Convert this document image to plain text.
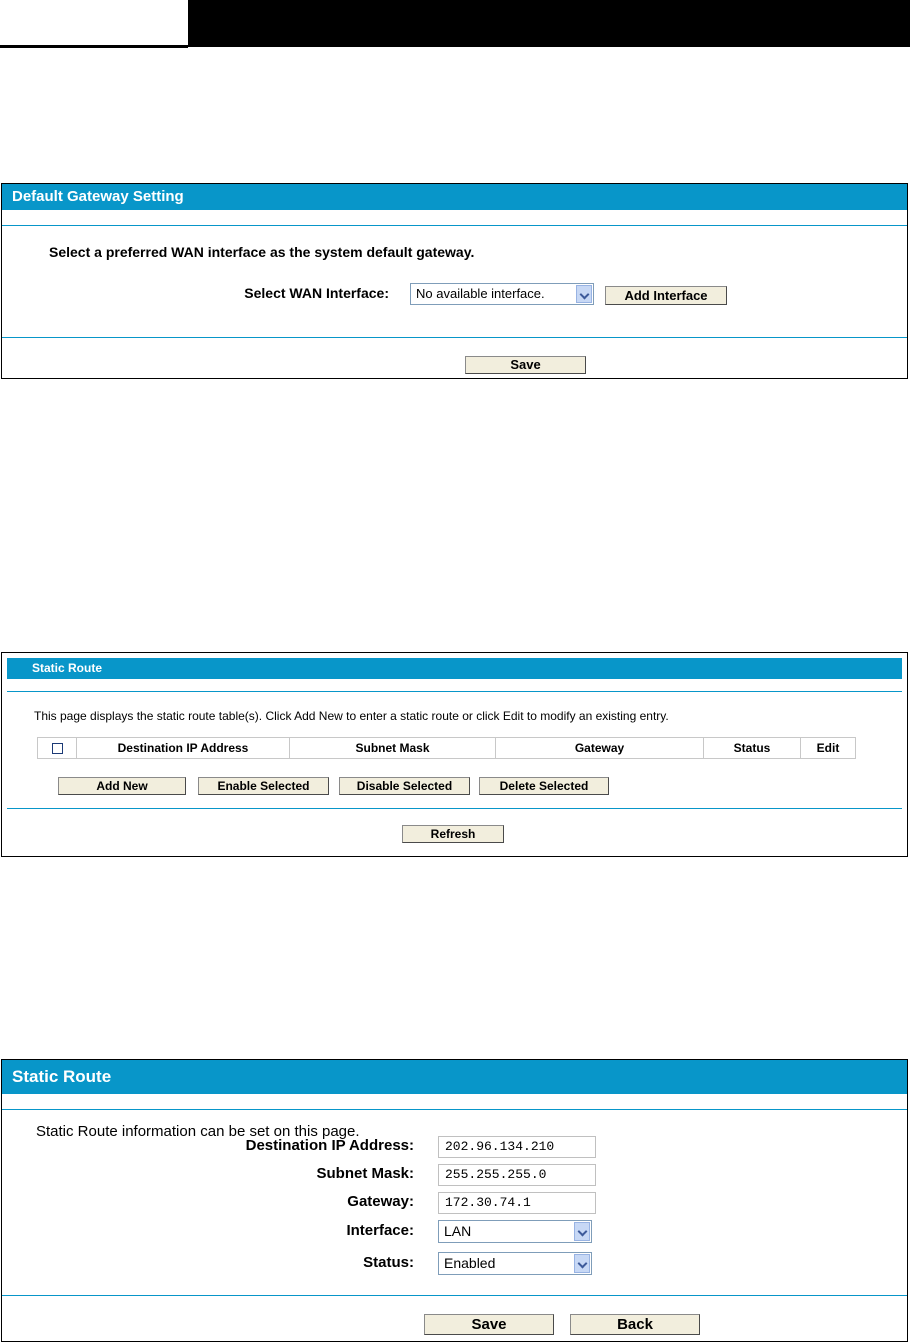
Default Gateway Setting
Select a preferred WAN interface as the system default gateway.
Select WAN Interface: No available interface.	Add Interface
Save
Static Route
This page displays the static route table(s). Click Add New to enter a static route or click Edit to modify an existing entry.
	Destination IP Address	Subnet Mask	Gateway	Status	Edit
Add New	Enable Selected	Disable Selected	Delete Selected
Refresh
Static Route
Static Route information can be set on this page.
Destination IP Address:	202.96.134.210
Subnet Mask:	255.255.255.0
Gateway:	172.30.74.1
Interface: LAN
Status: Enabled
Save	Back
